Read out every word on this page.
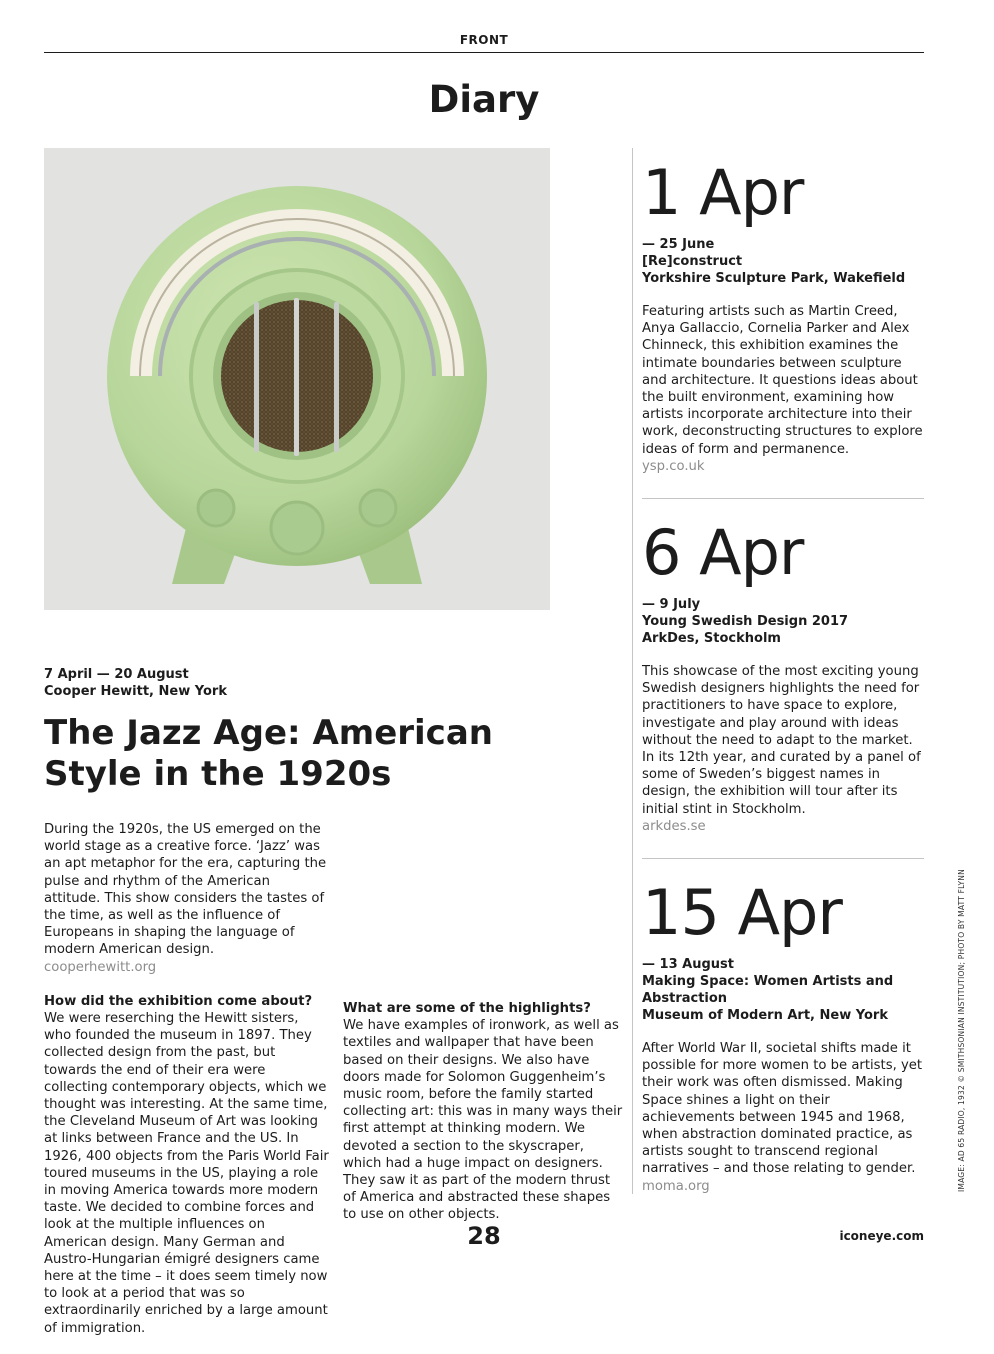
FRONT
Diary
7 April — 20 August
Cooper Hewitt, New York
The Jazz Age: American Style in the 1920s

During the 1920s, the US emerged on the world stage as a creative force. ‘Jazz’ was an apt metaphor for the era, capturing the pulse and rhythm of the American attitude. This show considers the tastes of the time, as well as the influence of Europeans in shaping the language of modern American design.
cooperhewitt.org

How did the exhibition come about?
We were reserching the Hewitt sisters, who founded the museum in 1897. They collected design from the past, but towards the end of their era were collecting contemporary objects, which we thought was interesting. At the same time, the Cleveland Museum of Art was looking at links between France and the US. In 1926, 400 objects from the Paris World Fair toured museums in the US, playing a role in moving America towards more modern taste. We decided to combine forces and look at the multiple influences on American design. Many German and Austro-Hungarian émigré designers came here at the time – it does seem timely now to look at a period that was so extraordinarily enriched by a large amount of immigration.

What are some of the highlights?
We have examples of ironwork, as well as textiles and wallpaper that have been based on their designs. We also have doors made for Solomon Guggenheim’s music room, before the family started collecting art: this was in many ways their first attempt at thinking modern. We devoted a section to the skyscraper, which had a huge impact on designers. They saw it as part of the modern thrust of America and abstracted these shapes to use on other objects.

1 Apr
— 25 June
[Re]construct
Yorkshire Sculpture Park, Wakefield
Featuring artists such as Martin Creed, Anya Gallaccio, Cornelia Parker and Alex Chinneck, this exhibition examines the intimate boundaries between sculpture and architecture. It questions ideas about the built environment, examining how artists incorporate architecture into their work, deconstructing structures to explore ideas of form and permanence.
ysp.co.uk
6 Apr
— 9 July
Young Swedish Design 2017
ArkDes, Stockholm
This showcase of the most exciting young Swedish designers highlights the need for practitioners to have space to explore, investigate and play around with ideas without the need to adapt to the market. In its 12th year, and curated by a panel of some of Sweden’s biggest names in design, the exhibition will tour after its initial stint in Stockholm.
arkdes.se
15 Apr
— 13 August
Making Space: Women Artists and Abstraction
Museum of Modern Art, New York
After World War II, societal shifts made it possible for more women to be artists, yet their work was often dismissed. Making Space shines a light on their achievements between 1945 and 1968, when abstraction dominated practice, as artists sought to transcend regional narratives – and those relating to gender.
moma.org
28	iconeye.com
IMAGE: AD 65 RADIO, 1932 © SMITHSONIAN INSTITUTION; PHOTO BY MATT FLYNN
